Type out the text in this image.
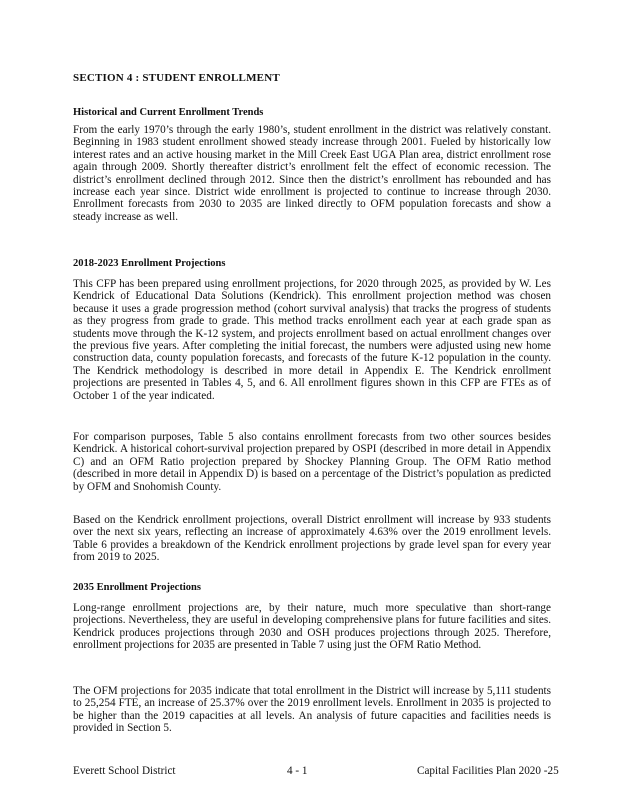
SECTION 4 : STUDENT ENROLLMENT
Historical and Current Enrollment Trends

From the early 1970’s through the early 1980’s, student enrollment in the district was relatively constant. Beginning in 1983 student enrollment showed steady increase through 2001. Fueled by historically low interest rates and an active housing market in the Mill Creek East UGA Plan area, district enrollment rose again through 2009. Shortly thereafter district’s enrollment felt the effect of economic recession. The district’s enrollment declined through 2012. Since then the district’s enrollment has rebounded and has increase each year since. District wide enrollment is projected to continue to increase through 2030. Enrollment forecasts from 2030 to 2035 are linked directly to OFM population forecasts and show a steady increase as well.

2018-2023 Enrollment Projections

This CFP has been prepared using enrollment projections, for 2020 through 2025, as provided by W. Les Kendrick of Educational Data Solutions (Kendrick). This enrollment projection method was chosen because it uses a grade progression method (cohort survival analysis) that tracks the progress of students as they progress from grade to grade. This method tracks enrollment each year at each grade span as students move through the K-12 system, and projects enrollment based on actual enrollment changes over the previous five years. After completing the initial forecast, the numbers were adjusted using new home construction data, county population forecasts, and forecasts of the future K-12 population in the county. The Kendrick methodology is described in more detail in Appendix E. The Kendrick enrollment projections are presented in Tables 4, 5, and 6. All enrollment figures shown in this CFP are FTEs as of October 1 of the year indicated.

For comparison purposes, Table 5 also contains enrollment forecasts from two other sources besides Kendrick. A historical cohort-survival projection prepared by OSPI (described in more detail in Appendix C) and an OFM Ratio projection prepared by Shockey Planning Group. The OFM Ratio method (described in more detail in Appendix D) is based on a percentage of the District’s population as predicted by OFM and Snohomish County.

Based on the Kendrick enrollment projections, overall District enrollment will increase by 933 students over the next six years, reflecting an increase of approximately 4.63% over the 2019 enrollment levels. Table 6 provides a breakdown of the Kendrick enrollment projections by grade level span for every year from 2019 to 2025.

2035 Enrollment Projections

Long-range enrollment projections are, by their nature, much more speculative than short-range projections. Nevertheless, they are useful in developing comprehensive plans for future facilities and sites. Kendrick produces projections through 2030 and OSH produces projections through 2025. Therefore, enrollment projections for 2035 are presented in Table 7 using just the OFM Ratio Method.

The OFM projections for 2035 indicate that total enrollment in the District will increase by 5,111 students to 25,254 FTE, an increase of 25.37% over the 2019 enrollment levels. Enrollment in 2035 is projected to be higher than the 2019 capacities at all levels. An analysis of future capacities and facilities needs is provided in Section 5.

Everett School District	4 - 1	Capital Facilities Plan 2020 -25
